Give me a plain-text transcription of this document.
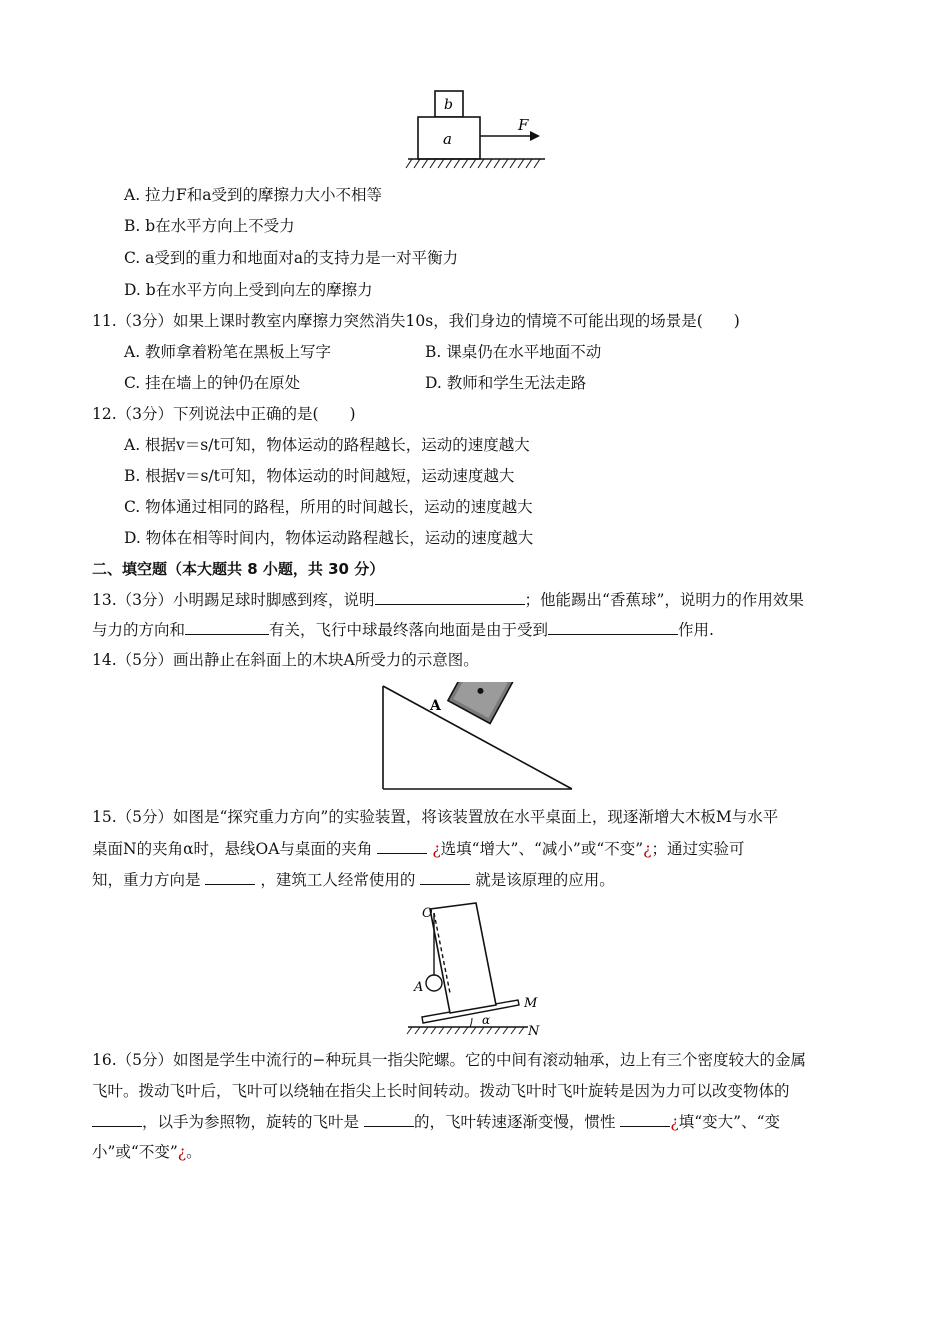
b
a
F
A. 拉力F和a受到的摩擦力大小不相等
B. b在水平方向上不受力
C. a受到的重力和地面对a的支持力是一对平衡力
D. b在水平方向上受到向左的摩擦力
11.（3分）如果上课时教室内摩擦力突然消失10s，我们身边的情境不可能出现的场景是(　　)
A. 教师拿着粉笔在黑板上写字	B. 课桌仍在水平地面不动
C. 挂在墙上的钟仍在原处	D. 教师和学生无法走路
12.（3分）下列说法中正确的是(　　)
A. 根据v＝s/t可知，物体运动的路程越长，运动的速度越大
B. 根据v＝s/t可知，物体运动的时间越短，运动速度越大
C. 物体通过相同的路程，所用的时间越长，运动的速度越大
D. 物体在相等时间内，物体运动路程越长，运动的速度越大
二、填空题（本大题共 8 小题，共 30 分）
13.（3分）小明踢足球时脚感到疼，说明	；他能踢出“香蕉球”，说明力的作用效果
与力的方向和	有关，飞行中球最终落向地面是由于受到	作用.
14.（5分）画出静止在斜面上的木块A所受力的示意图。
A
15.（5分）如图是“探究重力方向”的实验装置，将该装置放在水平桌面上，现逐渐增大木板M与水平
桌面N的夹角α时，悬线OA与桌面的夹角	¿选填“增大”、“减小”或“不变”¿；通过实验可
知，重力方向是	，建筑工人经常使用的	就是该原理的应用。
O
A
M
N
α
16.（5分）如图是学生中流行的−种玩具一指尖陀螺。它的中间有滚动轴承，边上有三个密度较大的金属
飞叶。拨动飞叶后，飞叶可以绕轴在指尖上长时间转动。拨动飞叶时飞叶旋转是因为力可以改变物体的
，以手为参照物，旋转的飞叶是	的，飞叶转速逐渐变慢，惯性	¿填“变大”、“变
小”或“不变”¿。
